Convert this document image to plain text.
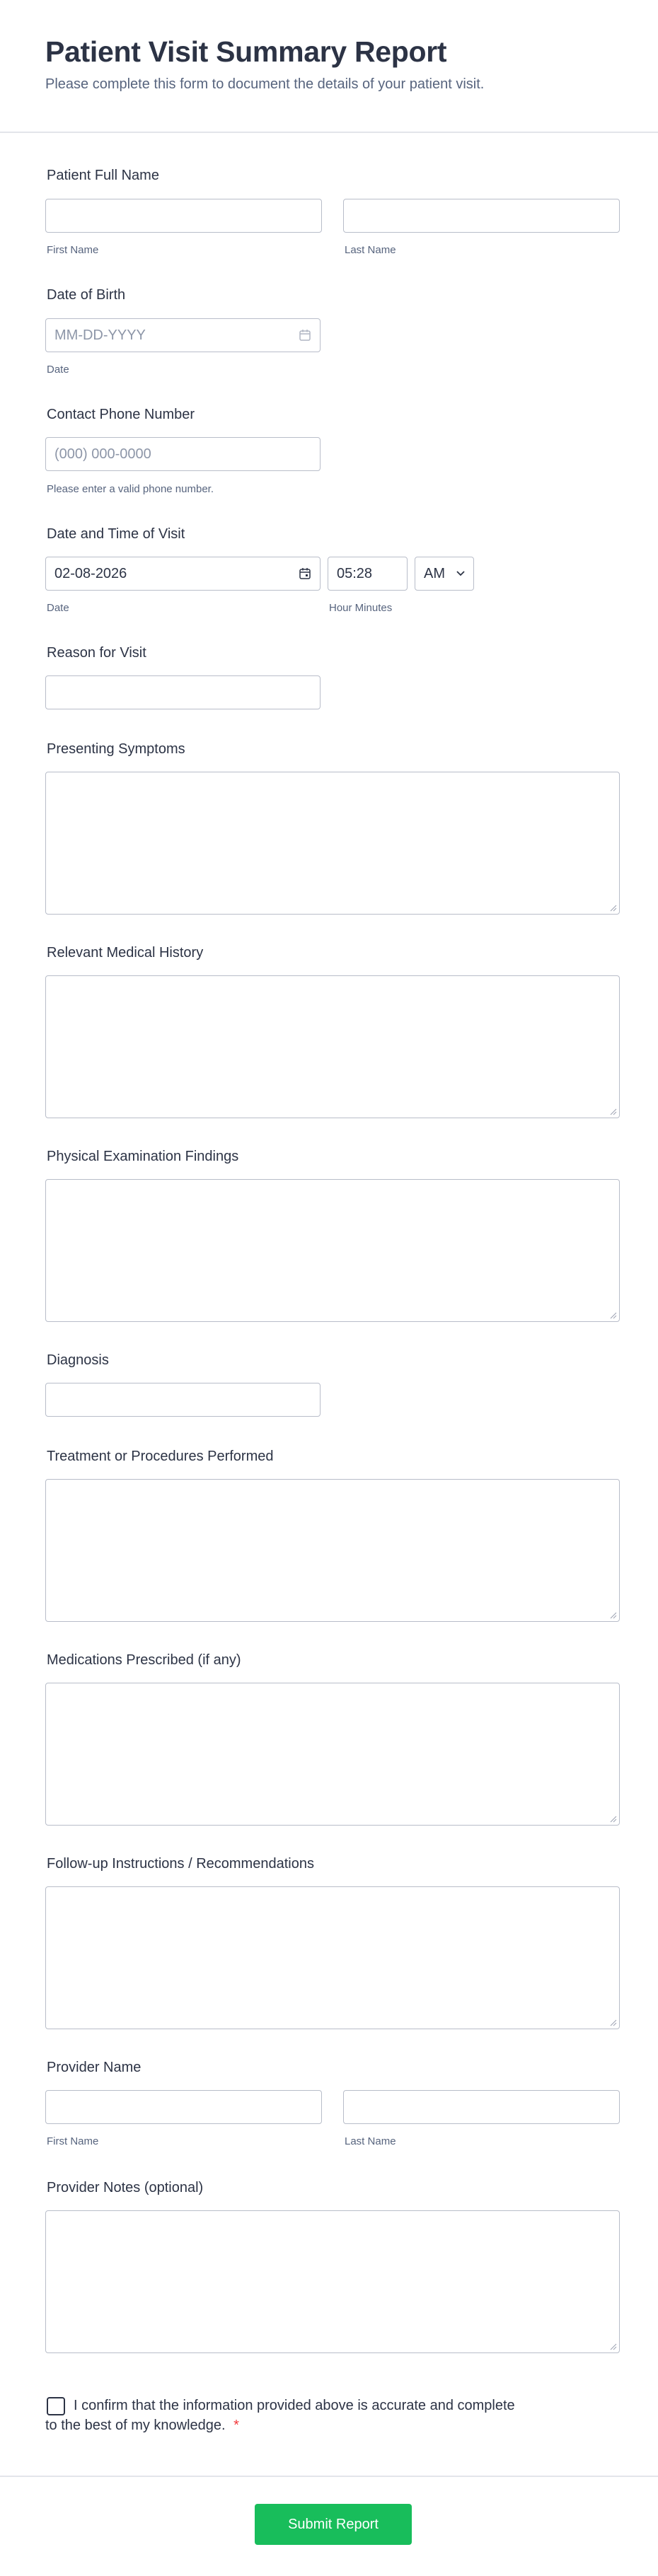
Patient Visit Summary Report
Please complete this form to document the details of your patient visit.
Patient Full Name
First Name	Last Name
Date of Birth
MM-DD-YYYY
Date
Contact Phone Number
(000) 000-0000
Please enter a valid phone number.
Date and Time of Visit
02-08-2026	05:28	AM
Date	Hour Minutes
Reason for Visit
Presenting Symptoms
Relevant Medical History
Physical Examination Findings
Diagnosis
Treatment or Procedures Performed
Medications Prescribed (if any)
Follow-up Instructions / Recommendations
Provider Name
First Name	Last Name
Provider Notes (optional)
I confirm that the information provided above is accurate and complete
to the best of my knowledge. *
Submit Report
